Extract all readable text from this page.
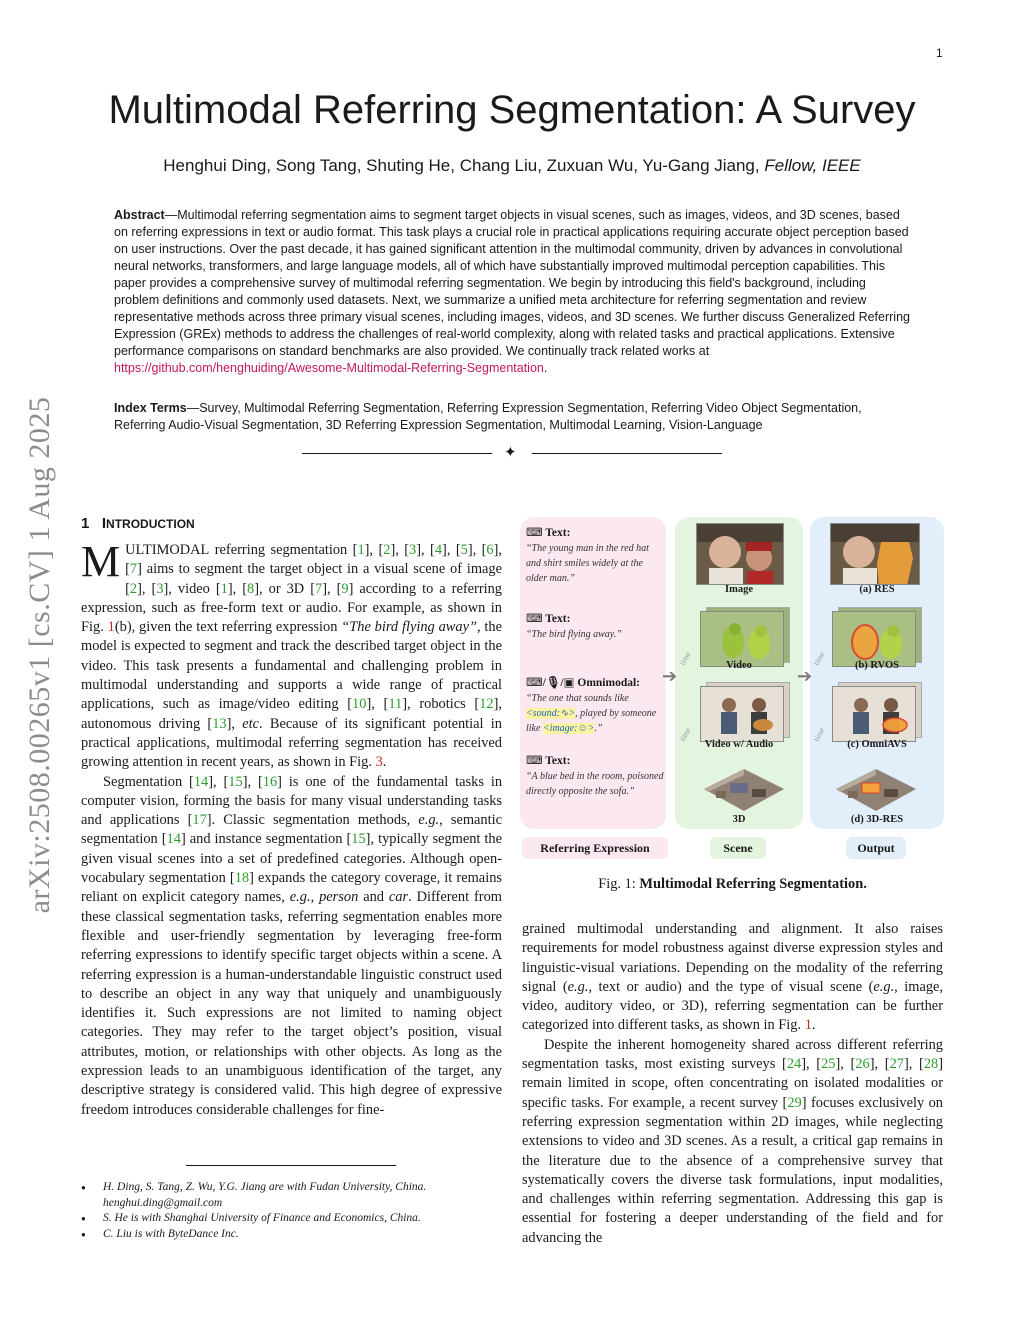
1
arXiv:2508.00265v1 [cs.CV] 1 Aug 2025
Multimodal Referring Segmentation: A Survey
Henghui Ding, Song Tang, Shuting He, Chang Liu, Zuxuan Wu, Yu-Gang Jiang, Fellow, IEEE
Abstract—Multimodal referring segmentation aims to segment target objects in visual scenes, such as images, videos, and 3D scenes, based on referring expressions in text or audio format. This task plays a crucial role in practical applications requiring accurate object perception based on user instructions. Over the past decade, it has gained significant attention in the multimodal community, driven by advances in convolutional neural networks, transformers, and large language models, all of which have substantially improved multimodal perception capabilities. This paper provides a comprehensive survey of multimodal referring segmentation. We begin by introducing this field's background, including problem definitions and commonly used datasets. Next, we summarize a unified meta architecture for referring segmentation and review representative methods across three primary visual scenes, including images, videos, and 3D scenes. We further discuss Generalized Referring Expression (GREx) methods to address the challenges of real-world complexity, along with related tasks and practical applications. Extensive performance comparisons on standard benchmarks are also provided. We continually track related works at https://github.com/henghuiding/Awesome-Multimodal-Referring-Segmentation.
Index Terms—Survey, Multimodal Referring Segmentation, Referring Expression Segmentation, Referring Video Object Segmentation, Referring Audio-Visual Segmentation, 3D Referring Expression Segmentation, Multimodal Learning, Vision-Language
✦
1 INTRODUCTION

MULTIMODAL referring segmentation [1], [2], [3], [4], [5], [6], [7] aims to segment the target object in a visual scene of image [2], [3], video [1], [8], or 3D [7], [9] according to a referring expression, such as free-form text or audio. For example, as shown in Fig. 1(b), given the text referring expression “The bird flying away”, the model is expected to segment and track the described target object in the video. This task presents a fundamental and challenging problem in multimodal understanding and supports a wide range of practical applications, such as image/video editing [10], [11], robotics [12], autonomous driving [13], etc. Because of its significant potential in practical applications, multimodal referring segmentation has received growing attention in recent years, as shown in Fig. 3.

Segmentation [14], [15], [16] is one of the fundamental tasks in computer vision, forming the basis for many visual understanding tasks and applications [17]. Classic segmentation methods, e.g., semantic segmentation [14] and instance segmentation [15], typically segment the given visual scenes into a set of predefined categories. Although open-vocabulary segmentation [18] expands the category coverage, it remains reliant on explicit category names, e.g., person and car. Different from these classical segmentation tasks, referring segmentation enables more flexible and user-friendly segmentation by leveraging free-form referring expressions to identify specific target objects within a scene. A referring expression is a human-understandable linguistic construct used to describe an object in any way that uniquely and unambiguously identifies it. Such expressions are not limited to naming object categories. They may refer to the target object’s position, visual attributes, motion, or relationships with other objects. As long as the expression leads to an unambiguous identification of the target, any descriptive strategy is considered valid. This high degree of expressive freedom introduces considerable challenges for fine-

● H. Ding, S. Tang, Z. Wu, Y.G. Jiang are with Fudan University, China. henghui.ding@gmail.com
● S. He is with Shanghai University of Finance and Economics, China.
● C. Liu is with ByteDance Inc.
⌨ Text:
“The young man in the red hat and shirt smiles widely at the older man.”
⌨ Text:
“The bird flying away.”
⌨/🎙/▣ Omnimodal:
“The one that sounds like <sound:∿>, played by someone like <image:☺>.”
⌨ Text:
“A blue bed in the room, poisoned directly opposite the sofa.”
Image
time	Video
time
Video w/ Audio
3D
➔	➔
(a) RES
time	(b) RVOS
time
(c) OmniAVS
(d) 3D-RES
Referring Expression	Scene	Output
Fig. 1: Multimodal Referring Segmentation.

grained multimodal understanding and alignment. It also raises requirements for model robustness against diverse expression styles and linguistic-visual variations. Depending on the modality of the referring signal (e.g., text or audio) and the type of visual scene (e.g., image, video, auditory video, or 3D), referring segmentation can be further categorized into different tasks, as shown in Fig. 1.

Despite the inherent homogeneity shared across different referring segmentation tasks, most existing surveys [24], [25], [26], [27], [28] remain limited in scope, often concentrating on isolated modalities or specific tasks. For example, a recent survey [29] focuses exclusively on referring expression segmentation within 2D images, while neglecting extensions to video and 3D scenes. As a result, a critical gap remains in the literature due to the absence of a comprehensive survey that systematically covers the diverse task formulations, input modalities, and challenges within referring segmentation. Addressing this gap is essential for fostering a deeper understanding of the field and for advancing the
